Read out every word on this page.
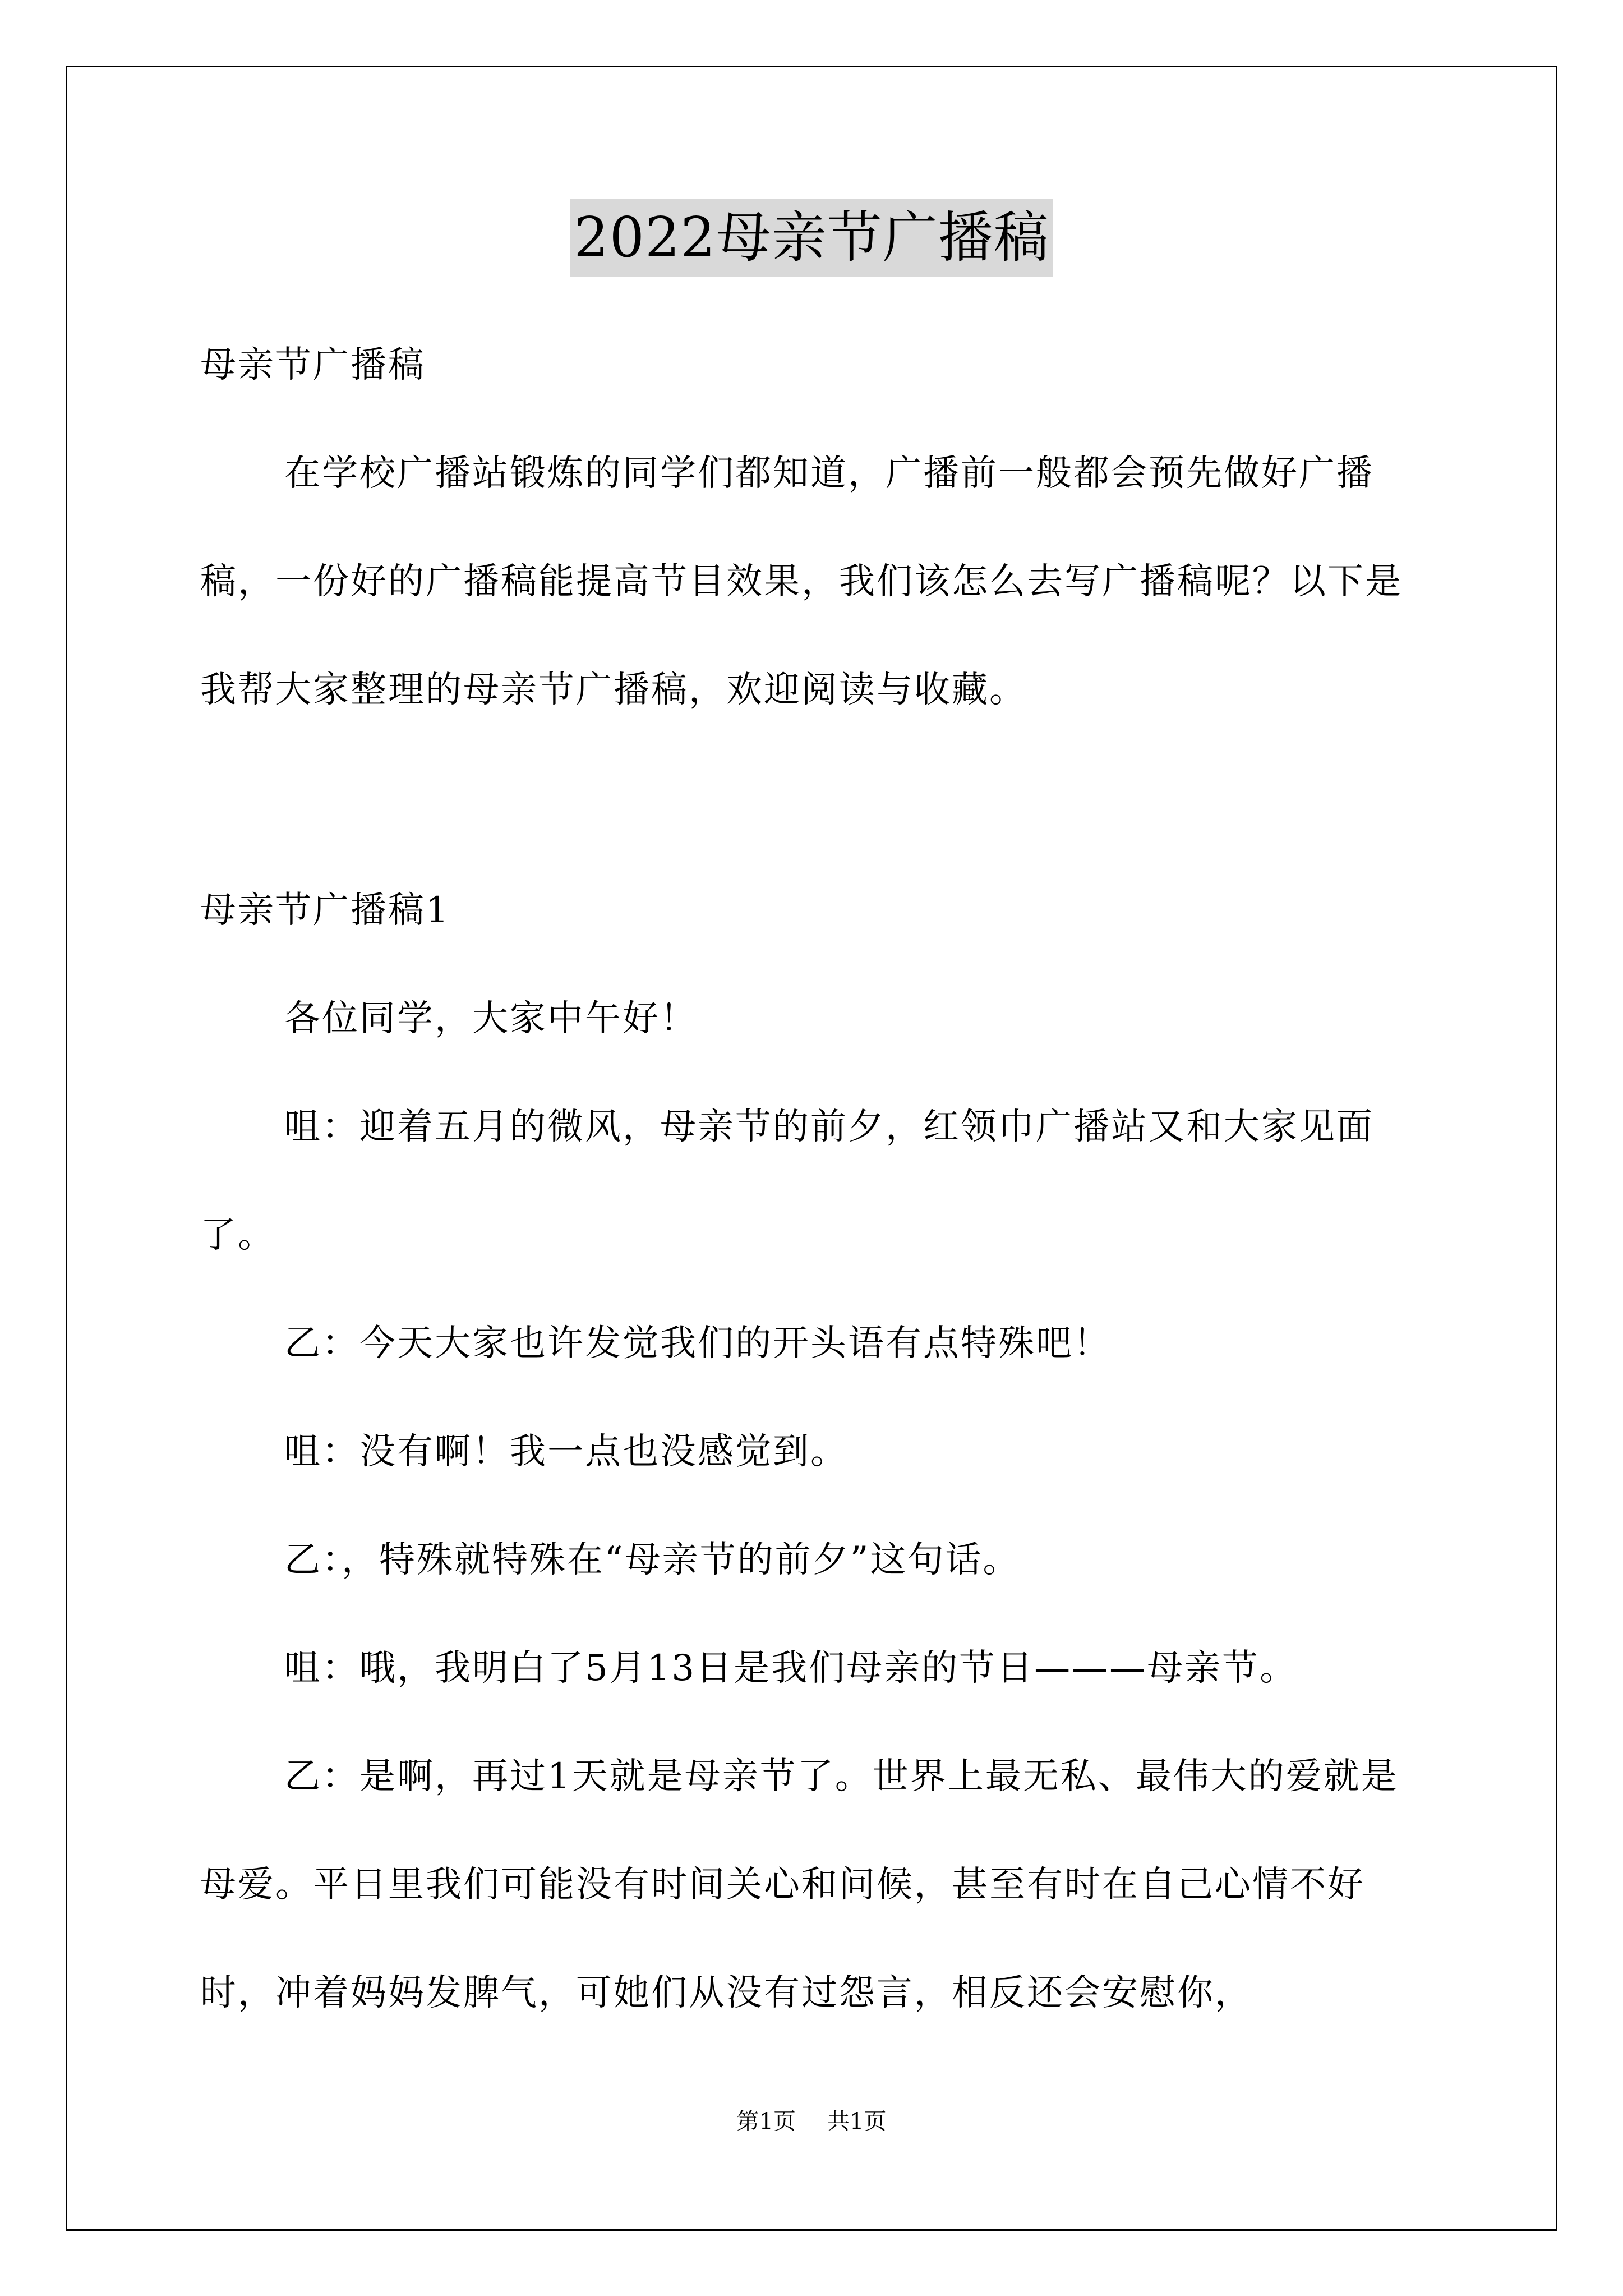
2022母亲节广播稿

母亲节广播稿

在学校广播站锻炼的同学们都知道，广播前一般都会预先做好广播稿，一份好的广播稿能提高节目效果，我们该怎么去写广播稿呢？以下是我帮大家整理的母亲节广播稿，欢迎阅读与收藏。

母亲节广播稿1

各位同学，大家中午好！

咀：迎着五月的微风，母亲节的前夕，红领巾广播站又和大家见面了。

乙：今天大家也许发觉我们的开头语有点特殊吧！

咀：没有啊！我一点也没感觉到。

乙：，特殊就特殊在“母亲节的前夕”这句话。

咀：哦，我明白了5月13日是我们母亲的节日———母亲节。

乙：是啊，再过1天就是母亲节了。世界上最无私、最伟大的爱就是母爱。平日里我们可能没有时间关心和问候，甚至有时在自己心情不好时，冲着妈妈发脾气，可她们从没有过怨言，相反还会安慰你，

第1页 共1页
